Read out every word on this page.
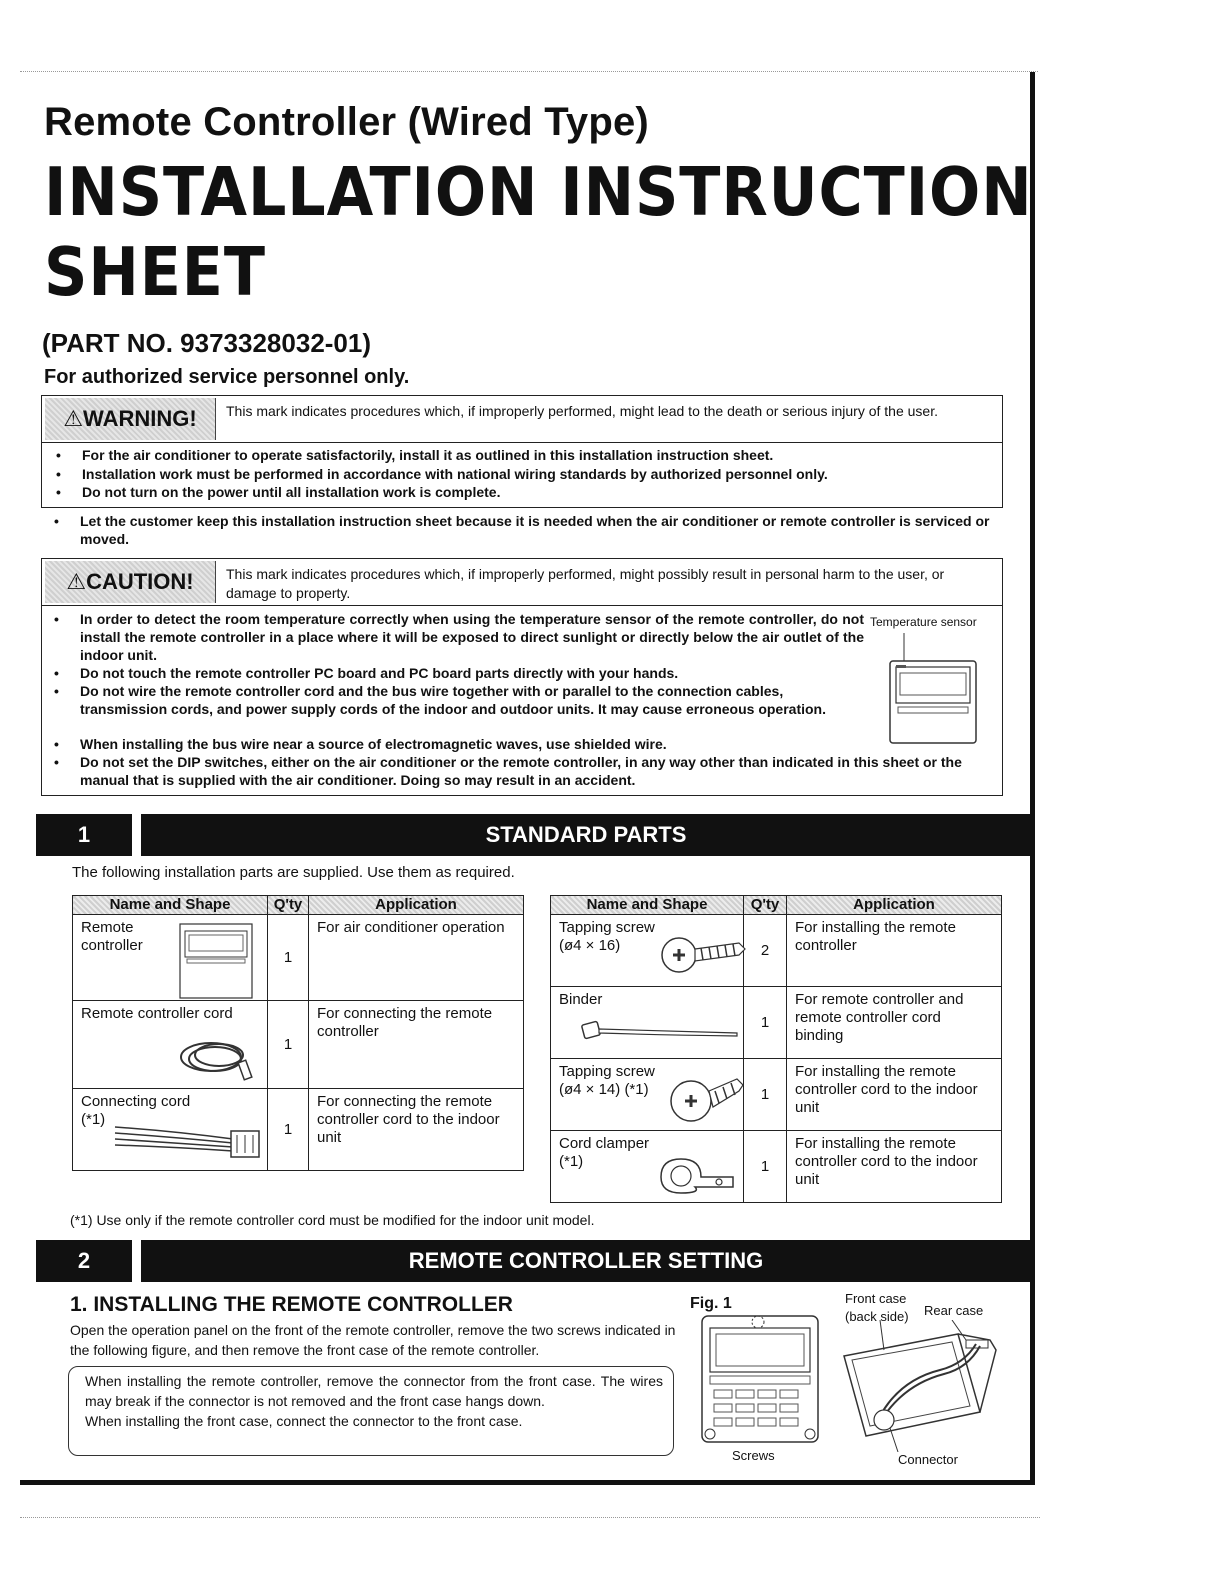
Remote Controller (Wired Type)
INSTALLATION INSTRUCTION
SHEET
(PART NO. 9373328032-01)
For authorized service personnel only.
⚠WARNING!	This mark indicates procedures which, if improperly performed, might lead to the death or serious injury of the user.
• For the air conditioner to operate satisfactorily, install it as outlined in this installation instruction sheet.
• Installation work must be performed in accordance with national wiring standards by authorized personnel only.
• Do not turn on the power until all installation work is complete.
• Let the customer keep this installation instruction sheet because it is needed when the air conditioner or remote controller is serviced or moved.
⚠CAUTION!	This mark indicates procedures which, if improperly performed, might possibly result in personal harm to the user, or damage to property.
• In order to detect the room temperature correctly when using the temperature sensor of the remote controller, do not install the remote controller in a place where it will be exposed to direct sunlight or directly below the air outlet of the indoor unit.
• Do not touch the remote controller PC board and PC board parts directly with your hands.
• Do not wire the remote controller cord and the bus wire together with or parallel to the connection cables, transmission cords, and power supply cords of the indoor and outdoor units. It may cause erroneous operation.
• When installing the bus wire near a source of electromagnetic waves, use shielded wire.
• Do not set the DIP switches, either on the air conditioner or the remote controller, in any way other than indicated in this sheet or the manual that is supplied with the air conditioner. Doing so may result in an accident.
Temperature sensor
1	STANDARD PARTS
The following installation parts are supplied. Use them as required.
Name and Shape	Q'ty	Application

Remote controller	1	For air conditioner operation

Remote controller cord	1	For connecting the remote controller

Connecting cord (*1)	1	For connecting the remote controller cord to the indoor unit
Name and Shape	Q'ty	Application

Tapping screw (ø4 × 16)	2	For installing the remote controller

Binder	1	For remote controller and remote controller cord binding

Tapping screw (ø4 × 14) (*1)	1	For installing the remote controller cord to the indoor unit

Cord clamper (*1)	1	For installing the remote controller cord to the indoor unit
(*1) Use only if the remote controller cord must be modified for the indoor unit model.
2	REMOTE CONTROLLER SETTING
1. INSTALLING THE REMOTE CONTROLLER
Open the operation panel on the front of the remote controller, remove the two screws indicated in the following figure, and then remove the front case of the remote controller.
When installing the remote controller, remove the connector from the front case. The wires may break if the connector is not removed and the front case hangs down.
When installing the front case, connect the connector to the front case.
Fig. 1	Front case (back side)	Rear case
Screws	Connector
